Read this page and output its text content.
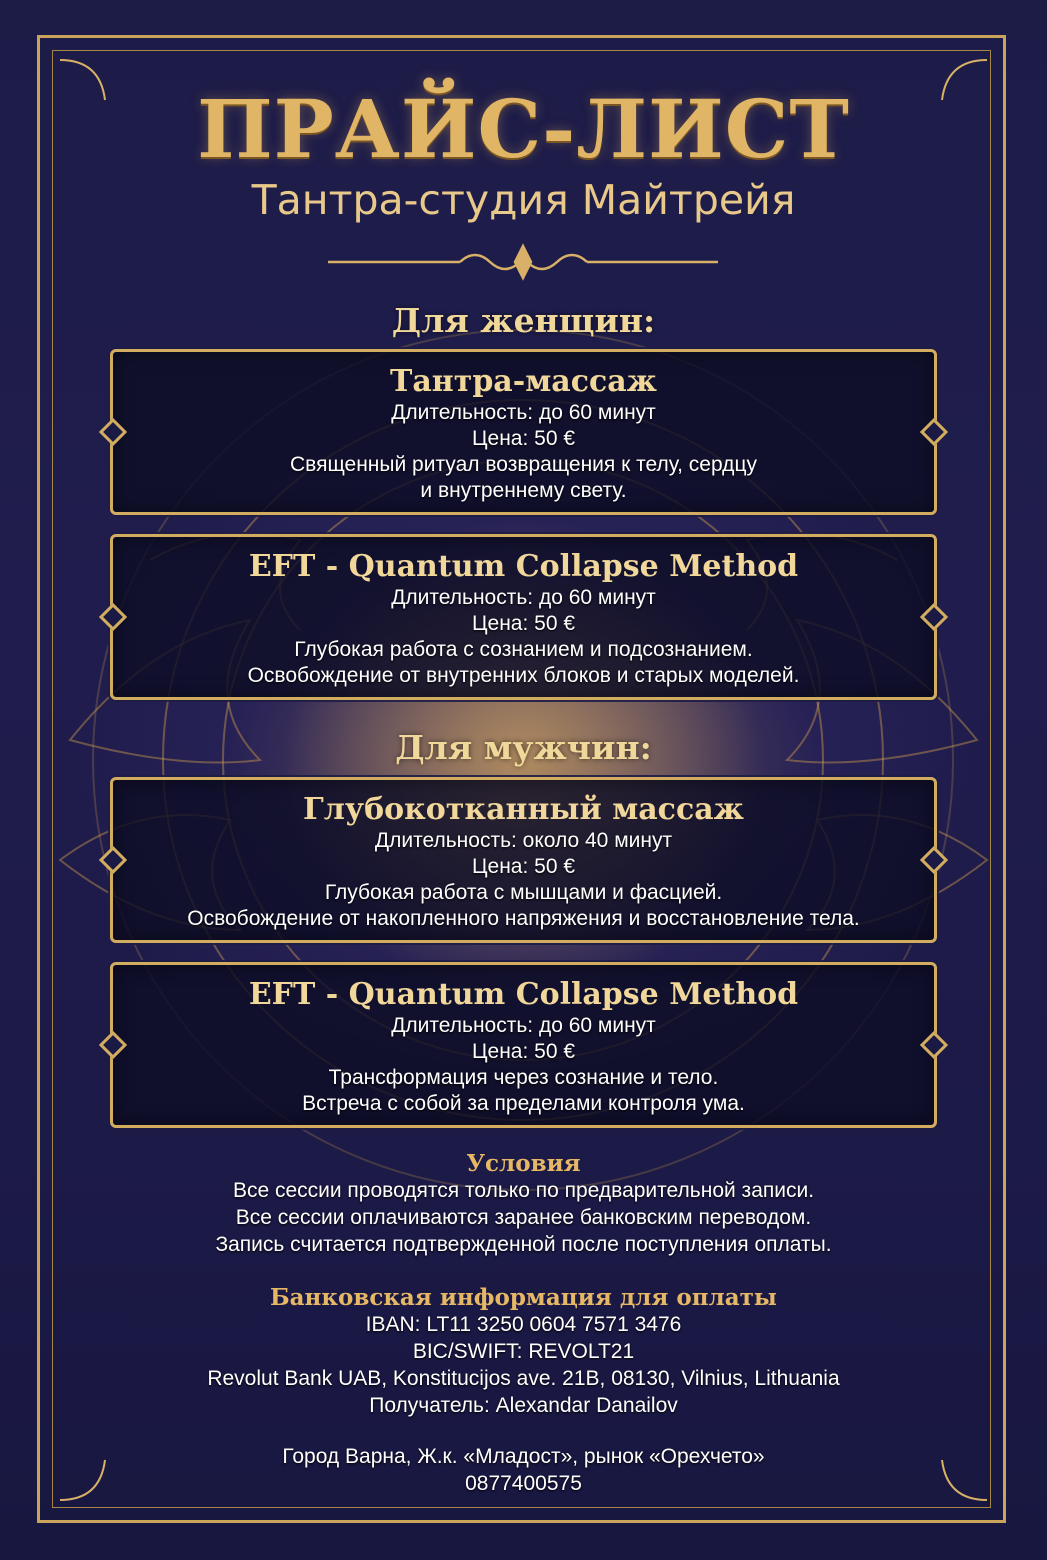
ПРАЙС-ЛИСТ
Тантра-студия Майтрейя
Для женщин:
Тантра-массаж
Длительность: до 60 минут
Цена: 50 €
Священный ритуал возвращения к телу, сердцу
и внутреннему свету.
EFT - Quantum Collapse Method
Длительность: до 60 минут
Цена: 50 €
Глубокая работа с сознанием и подсознанием.
Освобождение от внутренних блоков и старых моделей.
Для мужчин:
Глубокотканный массаж
Длительность: около 40 минут
Цена: 50 €
Глубокая работа с мышцами и фасцией.
Освобождение от накопленного напряжения и восстановление тела.
EFT - Quantum Collapse Method
Длительность: до 60 минут
Цена: 50 €
Трансформация через сознание и тело.
Встреча с собой за пределами контроля ума.
Условия
Все сессии проводятся только по предварительной записи.
Все сессии оплачиваются заранее банковским переводом.
Запись считается подтвержденной после поступления оплаты.
Банковская информация для оплаты
IBAN: LT11 3250 0604 7571 3476
BIC/SWIFT: REVOLT21
Revolut Bank UAB, Konstitucijos ave. 21B, 08130, Vilnius, Lithuania
Получатель: Alexandar Danailov
Город Варна, Ж.к. «Младост», рынок «Орехчето»
0877400575
